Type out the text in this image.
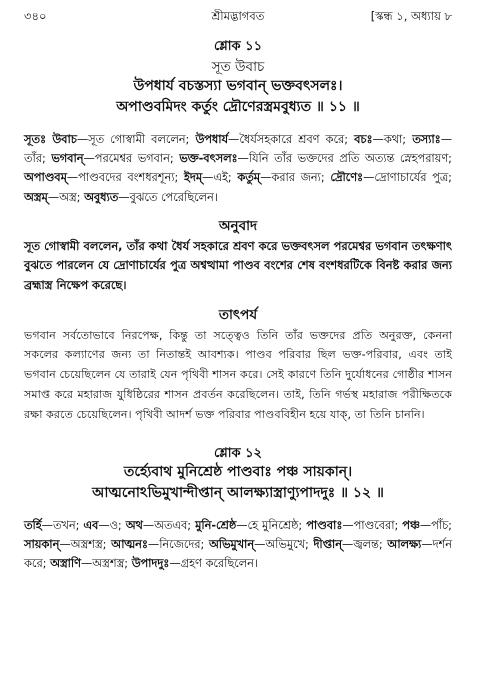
৩৪০	শ্রীমদ্ভাগবত	[স্কন্ধ ১, অধ্যায় ৮
শ্লোক ১১
সূত উবাচ
উপধার্য বচস্তস্যা ভগবান্ ভক্তবৎসলঃ।
অপাণ্ডবমিদং কর্তুং দ্রৌণেরস্ত্রমবুধ্যত ॥ ১১ ॥
সূতঃ উবাচ—সূত গোস্বামী বললেন; উপধার্য—ধৈর্যসহকারে শ্রবণ করে; বচঃ—কথা; তস্যাঃ—তাঁর; ভগবান্—পরমেশ্বর ভগবান; ভক্ত-বৎসলঃ—যিনি তাঁর ভক্তদের প্রতি অত্যন্ত স্নেহপরায়ণ; অপাণ্ডবম্—পাণ্ডবদের বংশধরশূন্য; ইদম্—এই; কর্তুম্—করার জন্য; দ্রৌণেঃ—দ্রোণাচার্যের পুত্র; অস্ত্রম্—অস্ত্র; অবুধ্যত—বুঝতে পেরেছিলেন।
অনুবাদ
সূত গোস্বামী বললেন, তাঁর কথা ধৈর্য সহকারে শ্রবণ করে ভক্তবৎসল পরমেশ্বর ভগবান তৎক্ষণাৎ বুঝতে পারলেন যে দ্রোণাচার্যের পুত্র অশ্বত্থামা পাণ্ডব বংশের শেষ বংশধরটিকে বিনষ্ট করার জন্য ব্রহ্মাস্ত্র নিক্ষেপ করেছে।
তাৎপর্য
ভগবান সর্বতোভাবে নিরপেক্ষ, কিন্তু তা সত্ত্বেও তিনি তাঁর ভক্তদের প্রতি অনুরক্ত, কেননা সকলের কল্যাণের জন্য তা নিতান্তই আবশ্যক। পাণ্ডব পরিবার ছিল ভক্ত-পরিবার, এবং তাই ভগবান চেয়েছিলেন যে তারাই যেন পৃথিবী শাসন করে। সেই কারণে তিনি দুর্যোধনের গোষ্ঠীর শাসন সমাপ্ত করে মহারাজ যুধিষ্ঠিরের শাসন প্রবর্তন করেছিলেন। তাই, তিনি গর্ভস্থ মহারাজ পরীক্ষিতকে রক্ষা করতে চেয়েছিলেন। পৃথিবী আদর্শ ভক্ত পরিবার পাণ্ডববিহীন হয়ে যাক্, তা তিনি চাননি।
শ্লোক ১২
তর্হ্যেবাথ মুনিশ্রেষ্ঠ পাণ্ডবাঃ পঞ্চ সায়কান্।
আত্মনোঽভিমুখান্দীপ্তান্ আলক্ষ্যাস্ত্রাণ্যুপাদদুঃ ॥ ১২ ॥
তর্হি—তখন; এব—ও; অথ—অতএব; মুনি-শ্রেষ্ঠ—হে মুনিশ্রেষ্ঠ; পাণ্ডবাঃ—পাণ্ডবেরা; পঞ্চ—পাঁচ; সায়কান্—অস্ত্রশস্ত্র; আত্মনঃ—নিজেদের; অভিমুখান্—অভিমুখে; দীপ্তান্—জ্বলন্ত; আলক্ষ্য—দর্শন করে; অস্ত্রাণি—অস্ত্রশস্ত্র; উপাদদুঃ—গ্রহণ করেছিলেন।
